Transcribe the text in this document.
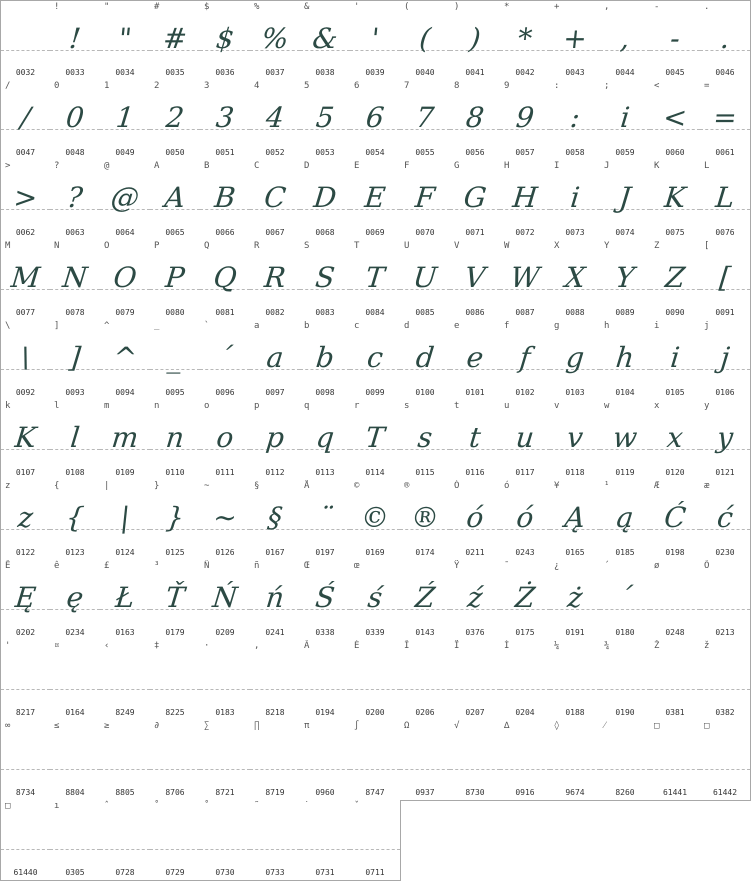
0032
!
!
0033
"
"
0034
#
#
0035
$
$
0036
%
%
0037
&
&
0038
'
'
0039
(
(
0040
)
)
0041
*
*
0042
+
+
0043
,
,
0044
-
-
0045
.
.
0046
/
/
0047
0
0
0048
1
1
0049
2
2
0050
3
3
0051
4
4
0052
5
5
0053
6
6
0054
7
7
0055
8
8
0056
9
9
0057
:
:
0058
;
i
0059
<
<
0060
=
=
0061
>
>
0062
?
?
0063
@
@
0064
A
A
0065
B
B
0066
C
C
0067
D
D
0068
E
E
0069
F
F
0070
G
G
0071
H
H
0072
I
i
0073
J
J
0074
K
K
0075
L
L
0076
M
M
0077
N
N
0078
O
O
0079
P
P
0080
Q
Q
0081
R
R
0082
S
S
0083
T
T
0084
U
U
0085
V
V
0086
W
W
0087
X
X
0088
Y
Y
0089
Z
Z
0090
[
[
0091
\
\
0092
]
]
0093
^
^
0094
_
_
0095
`
´
0096
a
a
0097
b
b
0098
c
c
0099
d
d
0100
e
e
0101
f
f
0102
g
g
0103
h
h
0104
i
i
0105
j
j
0106
k
K
0107
l
l
0108
m
m
0109
n
n
0110
o
o
0111
p
p
0112
q
q
0113
r
T
0114
s
s
0115
t
t
0116
u
u
0117
v
v
0118
w
w
0119
x
x
0120
y
y
0121
z
z
0122
{
{
0123
|
|
0124
}
}
0125
~
~
0126
§
§
0167
Å
¨
0197
©
©
0169
®
®
0174
Ó
ó
0211
ó
ó
0243
¥
Ą
0165
¹
ą
0185
Æ
Ć
0198
æ
ć
0230
Ê
Ę
0202
ê
ę
0234
£
Ł
0163
³
Ť
0179
Ñ
Ń
0209
ñ
ń
0241
Œ
Ś
0338
œ
ś
0339
Ź
0143
Ÿ
ź
0376
¯
Ż
0175
¿
ż
0191
´
´
0180
ø
0248
Ő
0213
'
8217
¤
0164
‹
8249
‡
8225
·
0183
‚
8218
Â
0194
È
0200
Î
0206
Ï
0207
Ì
0204
¼
0188
¾
0190
Ž
0381
ž
0382
∞
8734
≤
8804
≥
8805
∂
8706
∑
8721
∏
8719
π
0960
∫
8747
Ω
0937
√
8730
∆
0916
◊
9674
⁄
8260
□
61441
□
61442
□
61440
ı
0305
ˆ
0728
˚
0729
˚
0730
˜
0733
˙
0731
ˇ
0711
